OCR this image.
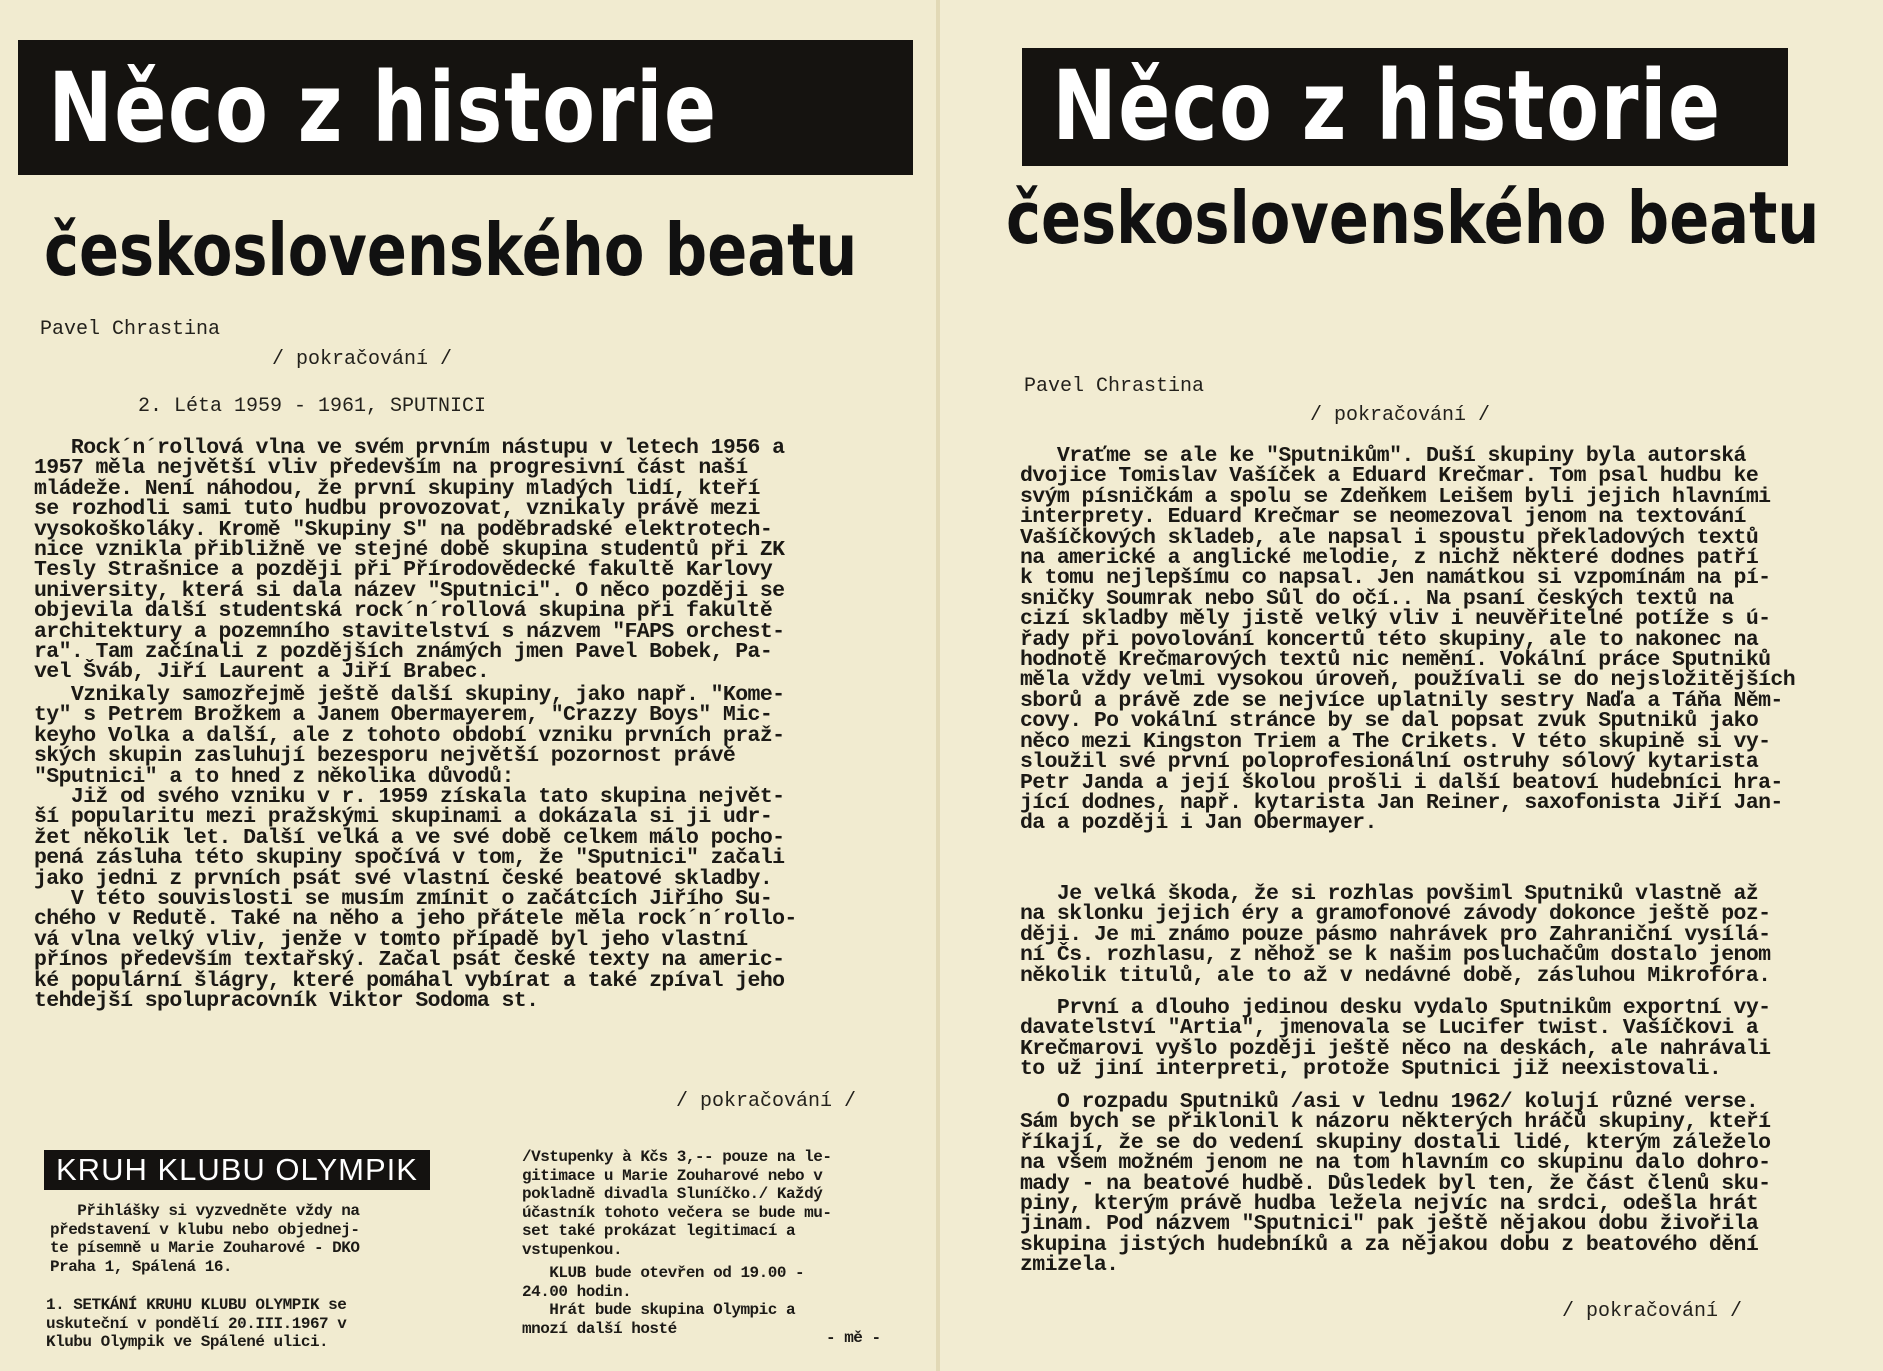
Něco z historie
československého beatu
Pavel Chrastina
/ pokračování /
2. Léta 1959 - 1961, SPUTNICI
Rock´n´rollová vlna ve svém prvním nástupu v letech 1956 a
1957 měla největší vliv především na progresivní část naší
mládeže. Není náhodou, že první skupiny mladých lidí, kteří
se rozhodli sami tuto hudbu provozovat, vznikaly právě mezi
vysokoškoláky. Kromě "Skupiny S" na poděbradské elektrotech-
nice vznikla přibližně ve stejné době skupina studentů při ZK
Tesly Strašnice a později při Přírodovědecké fakultě Karlovy
university, která si dala název "Sputnici". O něco později se
objevila další studentská rock´n´rollová skupina při fakultě
architektury a pozemního stavitelství s názvem "FAPS orchest-
ra". Tam začínali z pozdějších známých jmen Pavel Bobek, Pa-
vel Šváb, Jiří Laurent a Jiří Brabec.
Vznikaly samozřejmě ještě další skupiny, jako např. "Kome-
ty" s Petrem Brožkem a Janem Obermayerem, "Crazzy Boys" Mic-
keyho Volka a další, ale z tohoto období vzniku prvních praž-
ských skupin zasluhují bezesporu největší pozornost právě
"Sputnici" a to hned z několika důvodů:
Již od svého vzniku v r. 1959 získala tato skupina největ-
ší popularitu mezi pražskými skupinami a dokázala si ji udr-
žet několik let. Další velká a ve své době celkem málo pocho-
pená zásluha této skupiny spočívá v tom, že "Sputnici" začali
jako jedni z prvních psát své vlastní české beatové skladby.
V této souvislosti se musím zmínit o začátcích Jiřího Su-
chého v Redutě. Také na něho a jeho přátele měla rock´n´rollo-
vá vlna velký vliv, jenže v tomto případě byl jeho vlastní
přínos především textařský. Začal psát české texty na americ-
ké populární šlágry, které pomáhal vybírat a také zpíval jeho
tehdejší spolupracovník Viktor Sodoma st.
/ pokračování /
KRUH KLUBU OLYMPIK
Přihlášky si vyzvedněte vždy na
představení v klubu nebo objednej-
te písemně u Marie Zouharové - DKO
Praha 1, Spálená 16.
1. SETKÁNÍ KRUHU KLUBU OLYMPIK se
uskuteční v pondělí 20.III.1967 v
Klubu Olympik ve Spálené ulici.
/Vstupenky à Kčs 3,-- pouze na le-
gitimace u Marie Zouharové nebo v
pokladně divadla Sluníčko./ Každý
účastník tohoto večera se bude mu-
set také prokázat legitimací a
vstupenkou.
KLUB bude otevřen od 19.00 -
24.00 hodin.
Hrát bude skupina Olympic a
mnozí další hosté
- mě -
Něco z historie
československého beatu
Pavel Chrastina
/ pokračování /
Vraťme se ale ke "Sputnikům". Duší skupiny byla autorská
dvojice Tomislav Vašíček a Eduard Krečmar. Tom psal hudbu ke
svým písničkám a spolu se Zdeňkem Leišem byli jejich hlavními
interprety. Eduard Krečmar se neomezoval jenom na textování
Vašíčkových skladeb, ale napsal i spoustu překladových textů
na americké a anglické melodie, z nichž některé dodnes patří
k tomu nejlepšímu co napsal. Jen namátkou si vzpomínám na pí-
sničky Soumrak nebo Sůl do očí.. Na psaní českých textů na
cizí skladby měly jistě velký vliv i neuvěřitelné potíže s ú-
řady při povolování koncertů této skupiny, ale to nakonec na
hodnotě Krečmarových textů nic nemění. Vokální práce Sputniků
měla vždy velmi vysokou úroveň, používali se do nejsložitějších
sborů a právě zde se nejvíce uplatnily sestry Naďa a Táňa Něm-
covy. Po vokální stránce by se dal popsat zvuk Sputniků jako
něco mezi Kingston Triem a The Crikets. V této skupině si vy-
sloužil své první poloprofesionální ostruhy sólový kytarista
Petr Janda a její školou prošli i další beatoví hudebníci hra-
jící dodnes, např. kytarista Jan Reiner, saxofonista Jiří Jan-
da a později i Jan Obermayer.
Je velká škoda, že si rozhlas povšiml Sputniků vlastně až
na sklonku jejich éry a gramofonové závody dokonce ještě poz-
ději. Je mi známo pouze pásmo nahrávek pro Zahraniční vysílá-
ní Čs. rozhlasu, z něhož se k našim posluchačům dostalo jenom
několik titulů, ale to až v nedávné době, zásluhou Mikrofóra.
První a dlouho jedinou desku vydalo Sputnikům exportní vy-
davatelství "Artia", jmenovala se Lucifer twist. Vašíčkovi a
Krečmarovi vyšlo později ještě něco na deskách, ale nahrávali
to už jiní interpreti, protože Sputnici již neexistovali.
O rozpadu Sputniků /asi v lednu 1962/ kolují různé verse.
Sám bych se přiklonil k názoru některých hráčů skupiny, kteří
říkají, že se do vedení skupiny dostali lidé, kterým záleželo
na všem možném jenom ne na tom hlavním co skupinu dalo dohro-
mady - na beatové hudbě. Důsledek byl ten, že část členů sku-
piny, kterým právě hudba ležela nejvíc na srdci, odešla hrát
jinam. Pod názvem "Sputnici" pak ještě nějakou dobu živořila
skupina jistých hudebníků a za nějakou dobu z beatového dění
zmizela.
/ pokračování /
